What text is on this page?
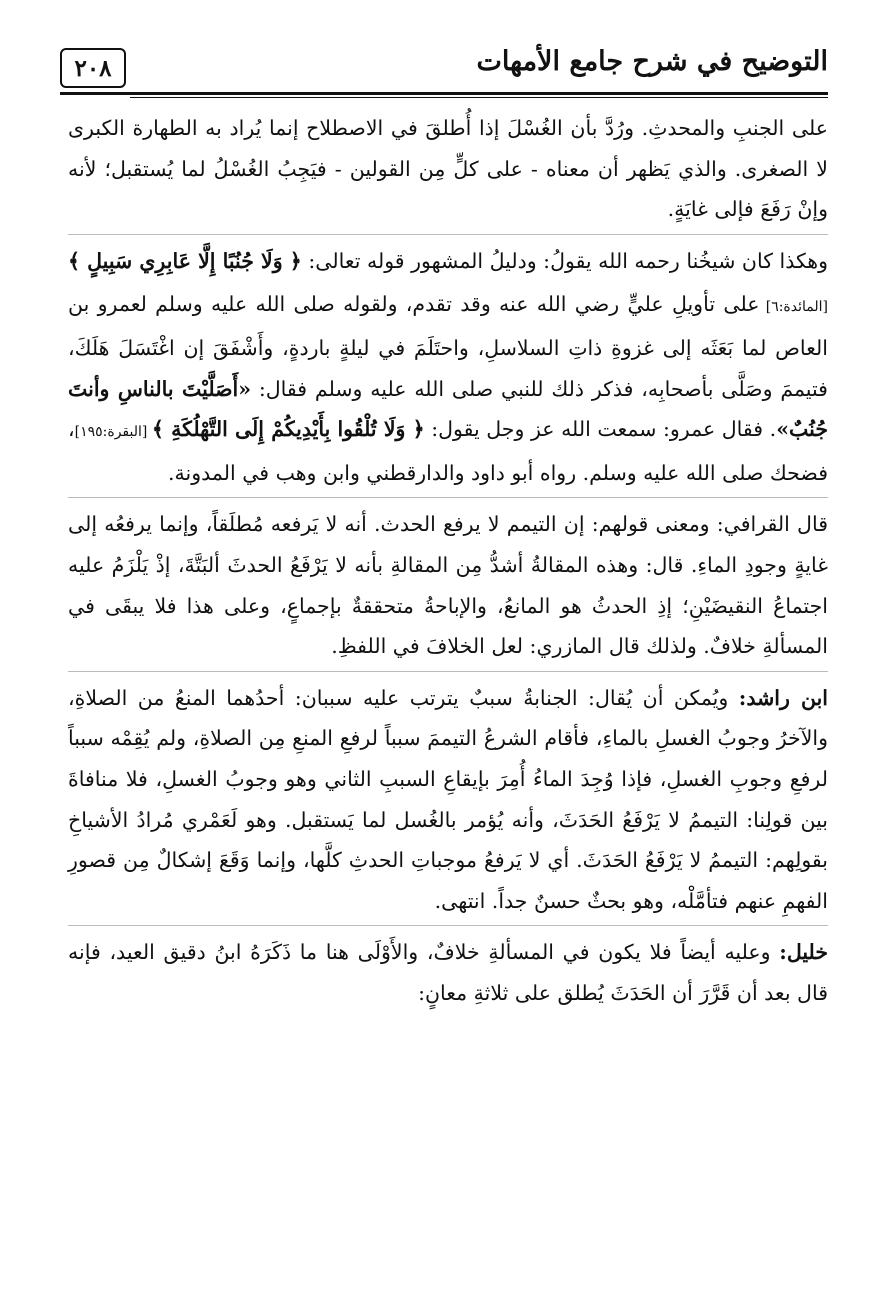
التوضيح في شرح جامع الأمهات
٢٠٨

على الجنبِ والمحدثِ. ورُدَّ بأن الغُسْلَ إذا أُطلقَ في الاصطلاح إنما يُراد به الطهارة الكبرى لا الصغرى. والذي يَظهر أن معناه - على كلٍّ مِن القولين - فيَجِبُ الغُسْلُ لما يُستقبل؛ لأنه وإنْ رَفَعَ فإلى غايَةٍ.

وهكذا كان شيخُنا رحمه الله يقولُ: ودليلُ المشهور قوله تعالى: ﴿ وَلَا جُنُبًا إِلَّا عَابِرِي سَبِيلٍ ﴾ [المائدة:٦] على تأويلِ عليٍّ رضي الله عنه وقد تقدم، ولقوله صلى الله عليه وسلم لعمرو بن العاص لما بَعَثَه إلى غزوةِ ذاتِ السلاسلِ، واحتَلَمَ في ليلةٍ باردةٍ، وأَشْفَقَ إن اغْتَسَلَ هَلَكَ، فتيممَ وصَلَّى بأصحابِه، فذكر ذلك للنبي صلى الله عليه وسلم فقال: «أَصَلَّيْتَ بالناسِ وأنتَ جُنُبٌ». فقال عمرو: سمعت الله عز وجل يقول: ﴿ وَلَا تُلْقُوا بِأَيْدِيكُمْ إِلَى التَّهْلُكَةِ ﴾ [البقرة:١٩٥]، فضحك صلى الله عليه وسلم. رواه أبو داود والدارقطني وابن وهب في المدونة.

قال القرافي: ومعنى قولهم: إن التيمم لا يرفع الحدث. أنه لا يَرفعه مُطلَقاً، وإنما يرفعُه إلى غايةٍ وجودِ الماءِ. قال: وهذه المقالةُ أشدُّ مِن المقالةِ بأنه لا يَرْفَعُ الحدثَ ألبَتَّةَ، إذْ يَلْزَمُ عليه اجتماعُ النقيضَيْنِ؛ إذِ الحدثُ هو المانعُ، والإباحةُ متحققةٌ بإجماعٍ، وعلى هذا فلا يبقَى في المسألةِ خلافٌ. ولذلك قال المازري: لعل الخلافَ في اللفظِ.

ابن راشد: ويُمكن أن يُقال: الجنابةُ سببٌ يترتب عليه سببان: أحدُهما المنعُ من الصلاةِ، والآخرُ وجوبُ الغسلِ بالماءِ، فأقام الشرعُ التيممَ سبباً لرفعِ المنعِ مِن الصلاةِ، ولم يُقِمْه سبباً لرفعِ وجوبِ الغسلِ، فإذا وُجِدَ الماءُ أُمِرَ بإيقاعِ السببِ الثاني وهو وجوبُ الغسلِ، فلا منافاةَ بين قولِنا: التيممُ لا يَرْفَعُ الحَدَثَ، وأنه يُؤمر بالغُسل لما يَستقبل. وهو لَعَمْري مُرادُ الأشياخِ بقولِهم: التيممُ لا يَرْفَعُ الحَدَثَ. أي لا يَرفعُ موجباتِ الحدثِ كلَّها، وإنما وَقَعَ إشكالٌ مِن قصورِ الفهمِ عنهم فتأمَّلْه، وهو بحثٌ حسنٌ جداً. انتهى.

خليل: وعليه أيضاً فلا يكون في المسألةِ خلافٌ، والأَوْلَى هنا ما ذَكَرَهُ ابنُ دقيق العيد، فإنه قال بعد أن قَرَّرَ أن الحَدَثَ يُطلق على ثلاثةِ معانٍ:
